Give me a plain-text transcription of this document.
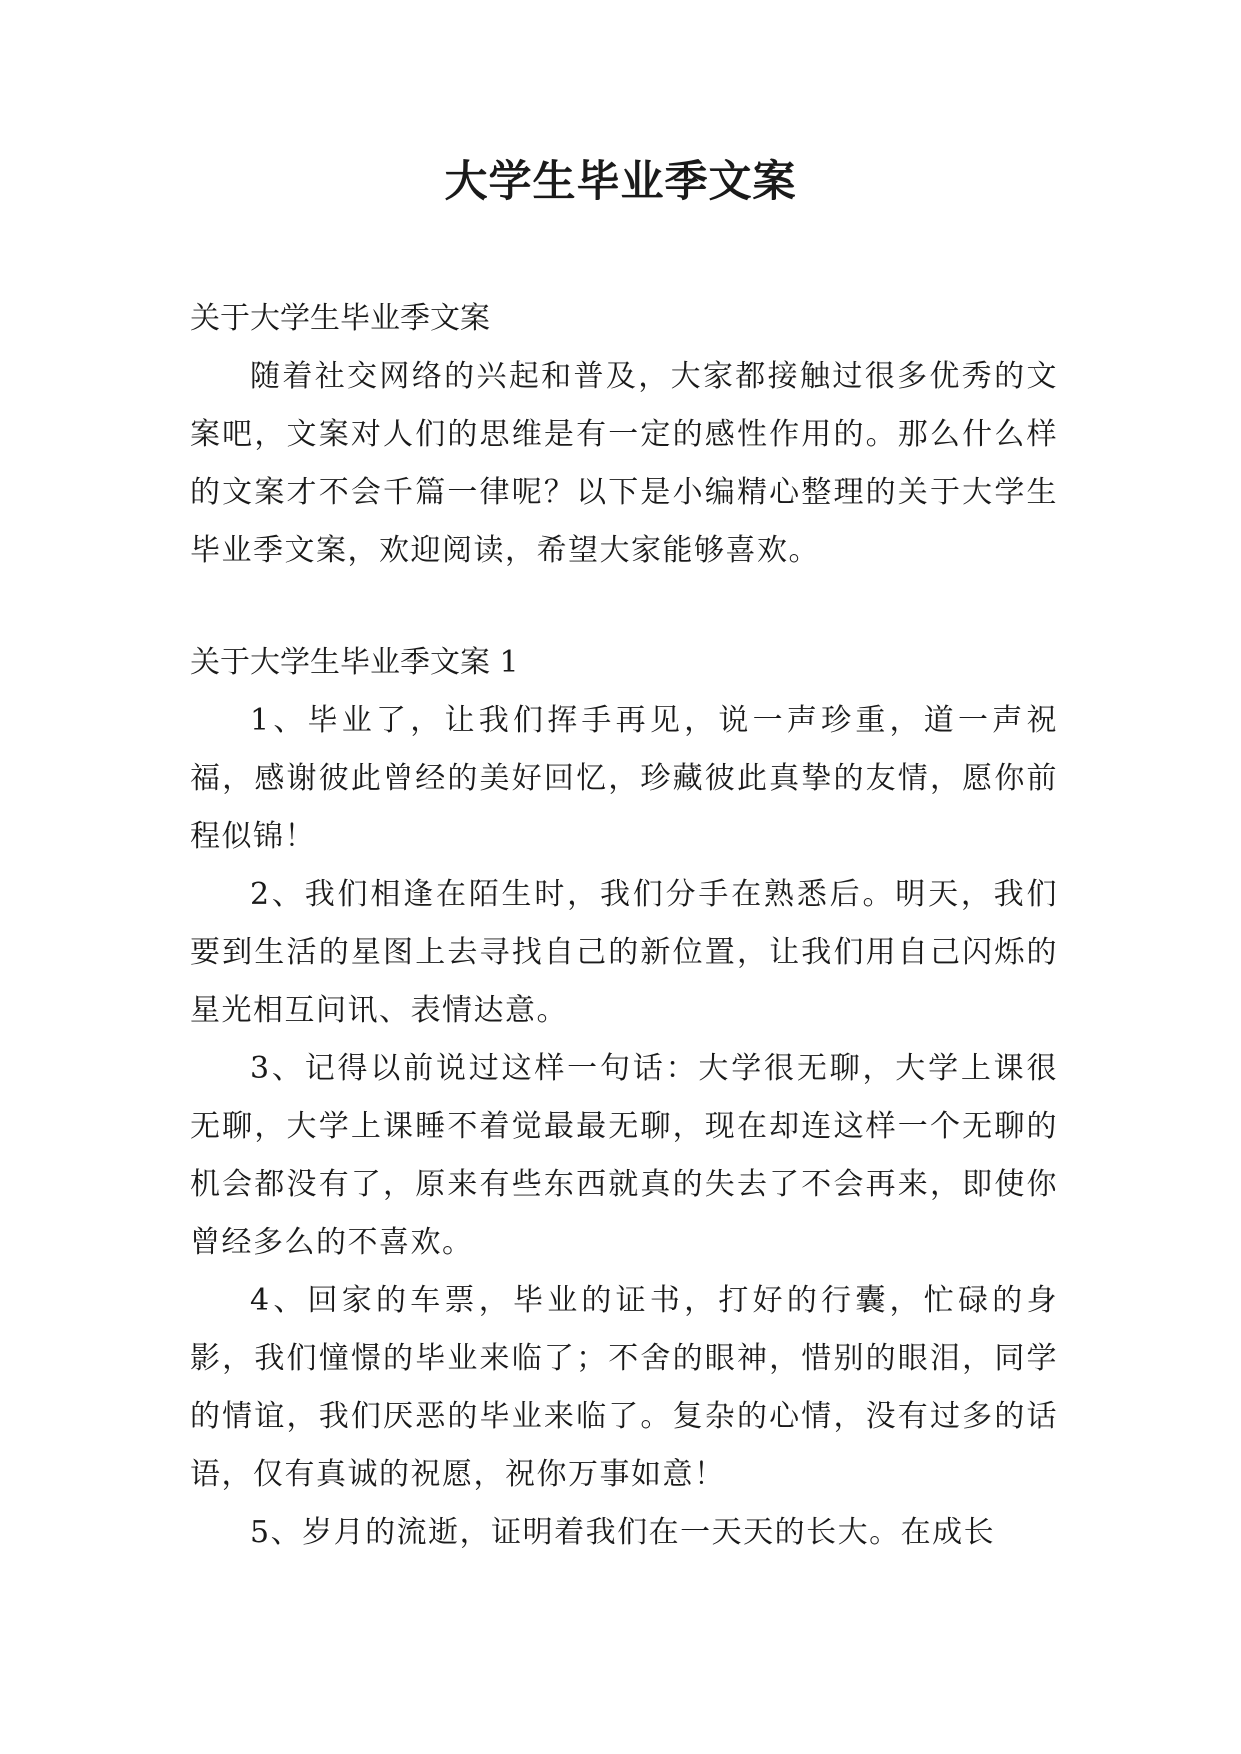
大学生毕业季文案

关于大学生毕业季文案

随着社交网络的兴起和普及，大家都接触过很多优秀的文案吧，文案对人们的思维是有一定的感性作用的。那么什么样的文案才不会千篇一律呢？以下是小编精心整理的关于大学生毕业季文案，欢迎阅读，希望大家能够喜欢。

关于大学生毕业季文案 1

1、毕业了，让我们挥手再见，说一声珍重，道一声祝福，感谢彼此曾经的美好回忆，珍藏彼此真挚的友情，愿你前程似锦！

2、我们相逢在陌生时，我们分手在熟悉后。明天，我们要到生活的星图上去寻找自己的新位置，让我们用自己闪烁的星光相互问讯、表情达意。

3、记得以前说过这样一句话：大学很无聊，大学上课很无聊，大学上课睡不着觉最最无聊，现在却连这样一个无聊的机会都没有了，原来有些东西就真的失去了不会再来，即使你曾经多么的不喜欢。

4、回家的车票，毕业的证书，打好的行囊，忙碌的身影，我们憧憬的毕业来临了；不舍的眼神，惜别的眼泪，同学的情谊，我们厌恶的毕业来临了。复杂的心情，没有过多的话语，仅有真诚的祝愿，祝你万事如意！

5、岁月的流逝，证明着我们在一天天的长大。在成长
